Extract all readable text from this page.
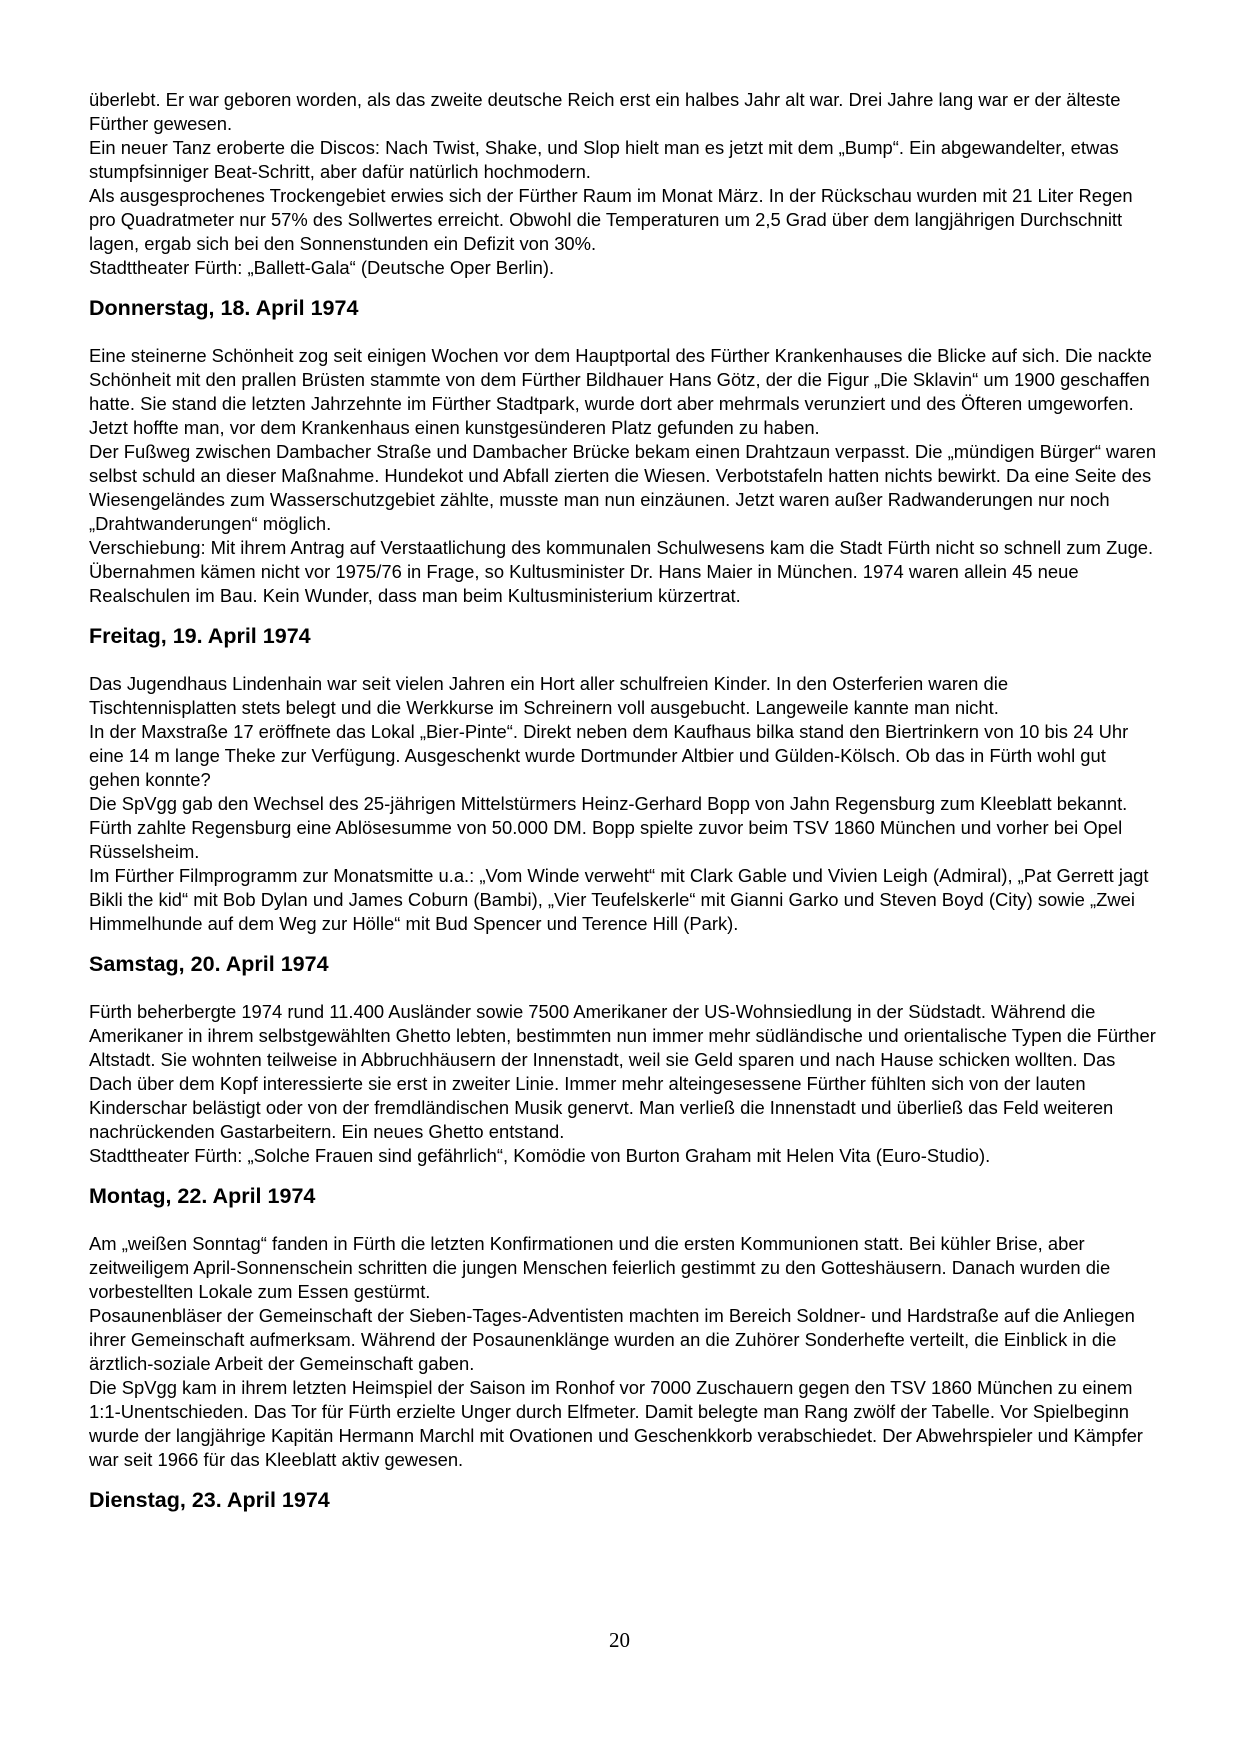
überlebt. Er war geboren worden, als das zweite deutsche Reich erst ein halbes Jahr alt war. Drei Jahre lang war er der älteste Fürther gewesen.

Ein neuer Tanz eroberte die Discos: Nach Twist, Shake, und Slop hielt man es jetzt mit dem „Bump“. Ein abgewandelter, etwas stumpfsinniger Beat-Schritt, aber dafür natürlich hochmodern.

Als ausgesprochenes Trockengebiet erwies sich der Fürther Raum im Monat März. In der Rückschau wurden mit 21 Liter Regen pro Quadratmeter nur 57% des Sollwertes erreicht. Obwohl die Temperaturen um 2,5 Grad über dem langjährigen Durchschnitt lagen, ergab sich bei den Sonnenstunden ein Defizit von 30%.

Stadttheater Fürth: „Ballett-Gala“ (Deutsche Oper Berlin).

Donnerstag, 18. April 1974

Eine steinerne Schönheit zog seit einigen Wochen vor dem Hauptportal des Fürther Krankenhauses die Blicke auf sich. Die nackte Schönheit mit den prallen Brüsten stammte von dem Fürther Bildhauer Hans Götz, der die Figur „Die Sklavin“ um 1900 geschaffen hatte. Sie stand die letzten Jahrzehnte im Fürther Stadtpark, wurde dort aber mehrmals verunziert und des Öfteren umgeworfen. Jetzt hoffte man, vor dem Krankenhaus einen kunstgesünderen Platz gefunden zu haben.

Der Fußweg zwischen Dambacher Straße und Dambacher Brücke bekam einen Drahtzaun verpasst. Die „mündigen Bürger“ waren selbst schuld an dieser Maßnahme. Hundekot und Abfall zierten die Wiesen. Verbotstafeln hatten nichts bewirkt. Da eine Seite des Wiesengeländes zum Wasserschutzgebiet zählte, musste man nun einzäunen. Jetzt waren außer Radwanderungen nur noch „Drahtwanderungen“ möglich.

Verschiebung: Mit ihrem Antrag auf Verstaatlichung des kommunalen Schulwesens kam die Stadt Fürth nicht so schnell zum Zuge. Übernahmen kämen nicht vor 1975/76 in Frage, so Kultusminister Dr. Hans Maier in München. 1974 waren allein 45 neue Realschulen im Bau. Kein Wunder, dass man beim Kultusministerium kürzertrat.

Freitag, 19. April 1974

Das Jugendhaus Lindenhain war seit vielen Jahren ein Hort aller schulfreien Kinder. In den Osterferien waren die Tischtennisplatten stets belegt und die Werkkurse im Schreinern voll ausgebucht. Langeweile kannte man nicht.

In der Maxstraße 17 eröffnete das Lokal „Bier-Pinte“. Direkt neben dem Kaufhaus bilka stand den Biertrinkern von 10 bis 24 Uhr eine 14 m lange Theke zur Verfügung. Ausgeschenkt wurde Dortmunder Altbier und Gülden-Kölsch. Ob das in Fürth wohl gut gehen konnte?

Die SpVgg gab den Wechsel des 25-jährigen Mittelstürmers Heinz-Gerhard Bopp von Jahn Regensburg zum Kleeblatt bekannt. Fürth zahlte Regensburg eine Ablösesumme von 50.000 DM. Bopp spielte zuvor beim TSV 1860 München und vorher bei Opel Rüsselsheim.

Im Fürther Filmprogramm zur Monatsmitte u.a.: „Vom Winde verweht“ mit Clark Gable und Vivien Leigh (Admiral), „Pat Gerrett jagt Bikli the kid“ mit Bob Dylan und James Coburn (Bambi), „Vier Teufelskerle“ mit Gianni Garko und Steven Boyd (City) sowie „Zwei Himmelhunde auf dem Weg zur Hölle“ mit Bud Spencer und Terence Hill (Park).

Samstag, 20. April 1974

Fürth beherbergte 1974 rund 11.400 Ausländer sowie 7500 Amerikaner der US-Wohnsiedlung in der Südstadt. Während die Amerikaner in ihrem selbstgewählten Ghetto lebten, bestimmten nun immer mehr südländische und orientalische Typen die Fürther Altstadt. Sie wohnten teilweise in Abbruchhäusern der Innenstadt, weil sie Geld sparen und nach Hause schicken wollten. Das Dach über dem Kopf interessierte sie erst in zweiter Linie. Immer mehr alteingesessene Fürther fühlten sich von der lauten Kinderschar belästigt oder von der fremdländischen Musik genervt. Man verließ die Innenstadt und überließ das Feld weiteren nachrückenden Gastarbeitern. Ein neues Ghetto entstand.

Stadttheater Fürth: „Solche Frauen sind gefährlich“, Komödie von Burton Graham mit Helen Vita (Euro-Studio).

Montag, 22. April 1974

Am „weißen Sonntag“ fanden in Fürth die letzten Konfirmationen und die ersten Kommunionen statt. Bei kühler Brise, aber zeitweiligem April-Sonnenschein schritten die jungen Menschen feierlich gestimmt zu den Gotteshäusern. Danach wurden die vorbestellten Lokale zum Essen gestürmt.

Posaunenbläser der Gemeinschaft der Sieben-Tages-Adventisten machten im Bereich Soldner- und Hardstraße auf die Anliegen ihrer Gemeinschaft aufmerksam. Während der Posaunenklänge wurden an die Zuhörer Sonderhefte verteilt, die Einblick in die ärztlich-soziale Arbeit der Gemeinschaft gaben.

Die SpVgg kam in ihrem letzten Heimspiel der Saison im Ronhof vor 7000 Zuschauern gegen den TSV 1860 München zu einem 1:1-Unentschieden. Das Tor für Fürth erzielte Unger durch Elfmeter. Damit belegte man Rang zwölf der Tabelle. Vor Spielbeginn wurde der langjährige Kapitän Hermann Marchl mit Ovationen und Geschenkkorb verabschiedet. Der Abwehrspieler und Kämpfer war seit 1966 für das Kleeblatt aktiv gewesen.

Dienstag, 23. April 1974
20
